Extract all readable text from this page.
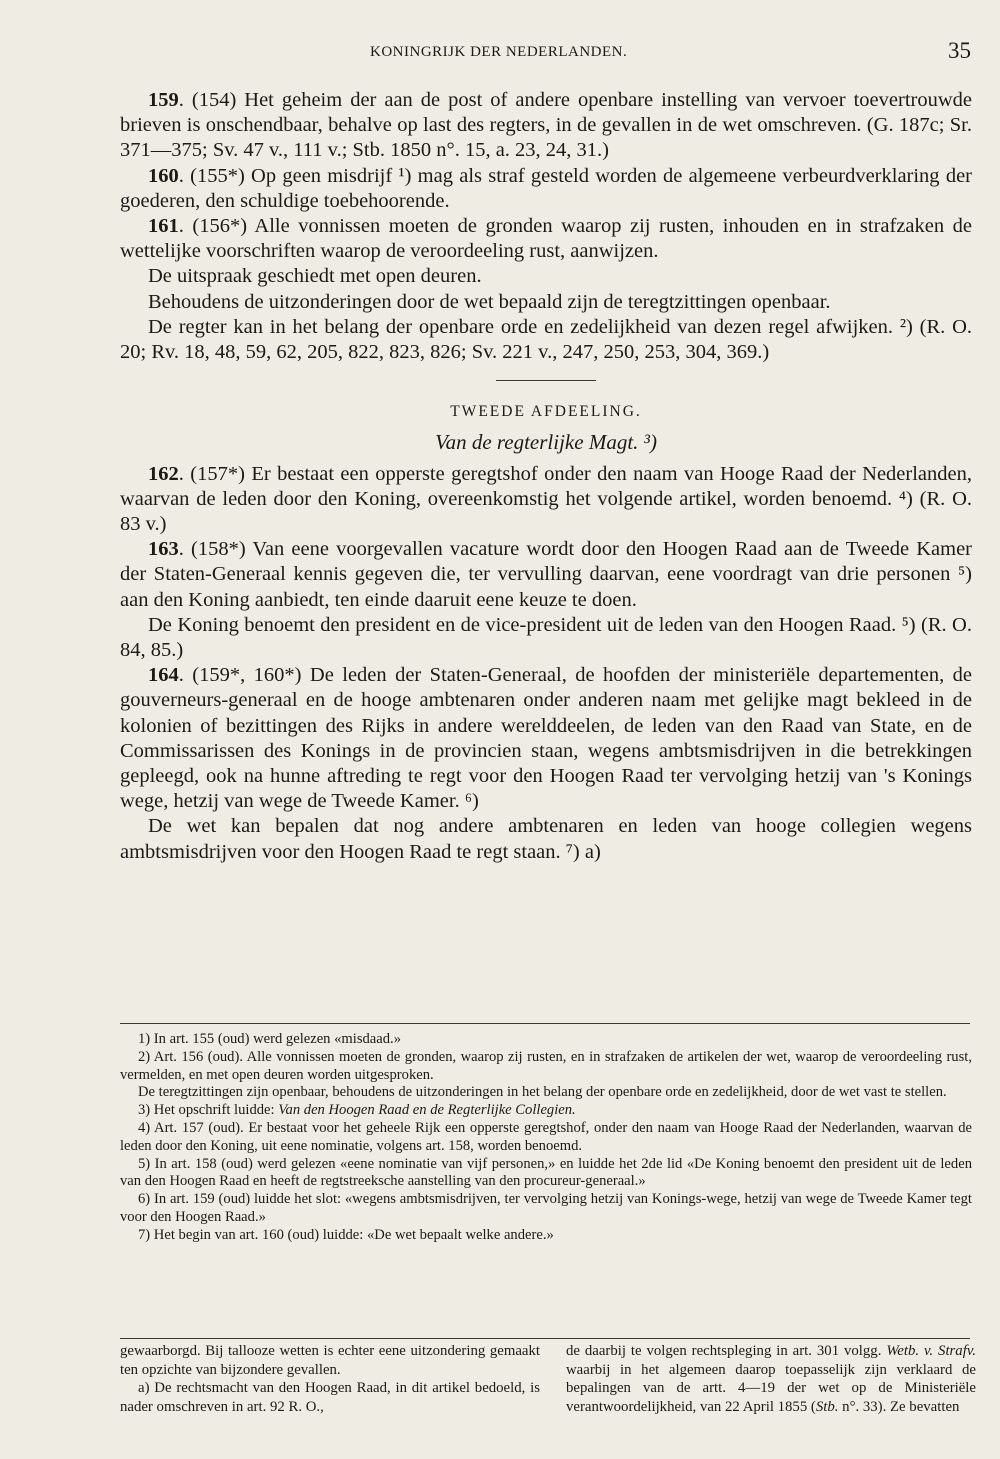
KONINGRIJK DER NEDERLANDEN.	35

159. (154) Het geheim der aan de post of andere openbare instelling van vervoer toevertrouwde brieven is onschendbaar, behalve op last des regters, in de gevallen in de wet omschreven. (G. 187c; Sr. 371—375; Sv. 47 v., 111 v.; Stb. 1850 n°. 15, a. 23, 24, 31.)

160. (155*) Op geen misdrijf ¹) mag als straf gesteld worden de algemeene verbeurdverklaring der goederen, den schuldige toebehoorende.

161. (156*) Alle vonnissen moeten de gronden waarop zij rusten, inhouden en in strafzaken de wettelijke voorschriften waarop de veroordeeling rust, aanwijzen.

De uitspraak geschiedt met open deuren.

Behoudens de uitzonderingen door de wet bepaald zijn de teregtzittingen openbaar.

De regter kan in het belang der openbare orde en zedelijkheid van dezen regel afwijken. ²) (R. O. 20; Rv. 18, 48, 59, 62, 205, 822, 823, 826; Sv. 221 v., 247, 250, 253, 304, 369.)

TWEEDE AFDEELING.
Van de regterlijke Magt. ³)

162. (157*) Er bestaat een opperste geregtshof onder den naam van Hooge Raad der Nederlanden, waarvan de leden door den Koning, overeenkomstig het volgende artikel, worden benoemd. ⁴) (R. O. 83 v.)

163. (158*) Van eene voorgevallen vacature wordt door den Hoogen Raad aan de Tweede Kamer der Staten-Generaal kennis gegeven die, ter vervulling daarvan, eene voordragt van drie personen ⁵) aan den Koning aanbiedt, ten einde daaruit eene keuze te doen.

De Koning benoemt den president en de vice-president uit de leden van den Hoogen Raad. ⁵) (R. O. 84, 85.)

164. (159*, 160*) De leden der Staten-Generaal, de hoofden der ministeriële departementen, de gouverneurs-generaal en de hooge ambtenaren onder anderen naam met gelijke magt bekleed in de kolonien of bezittingen des Rijks in andere werelddeelen, de leden van den Raad van State, en de Commissarissen des Konings in de provincien staan, wegens ambtsmisdrijven in die betrekkingen gepleegd, ook na hunne aftreding te regt voor den Hoogen Raad ter vervolging hetzij van 's Konings wege, hetzij van wege de Tweede Kamer. ⁶)

De wet kan bepalen dat nog andere ambtenaren en leden van hooge collegien wegens ambtsmisdrijven voor den Hoogen Raad te regt staan. ⁷) a)

1) In art. 155 (oud) werd gelezen «misdaad.»

2) Art. 156 (oud). Alle vonnissen moeten de gronden, waarop zij rusten, en in strafzaken de artikelen der wet, waarop de veroordeeling rust, vermelden, en met open deuren worden uitgesproken.

De teregtzittingen zijn openbaar, behoudens de uitzonderingen in het belang der openbare orde en zedelijkheid, door de wet vast te stellen.

3) Het opschrift luidde: Van den Hoogen Raad en de Regterlijke Collegien.

4) Art. 157 (oud). Er bestaat voor het geheele Rijk een opperste geregtshof, onder den naam van Hooge Raad der Nederlanden, waarvan de leden door den Koning, uit eene nominatie, volgens art. 158, worden benoemd.

5) In art. 158 (oud) werd gelezen «eene nominatie van vijf personen,» en luidde het 2de lid «De Koning benoemt den president uit de leden van den Hoogen Raad en heeft de regtstreeksche aanstelling van den procureur-generaal.»

6) In art. 159 (oud) luidde het slot: «wegens ambtsmisdrijven, ter vervolging hetzij van Konings-wege, hetzij van wege de Tweede Kamer tegt voor den Hoogen Raad.»

7) Het begin van art. 160 (oud) luidde: «De wet bepaalt welke andere.»

gewaarborgd. Bij tallooze wetten is echter eene uitzondering gemaakt ten opzichte van bijzondere gevallen.

a) De rechtsmacht van den Hoogen Raad, in dit artikel bedoeld, is nader omschreven in art. 92 R. O.,

de daarbij te volgen rechtspleging in art. 301 volgg. Wetb. v. Strafv. waarbij in het algemeen daarop toepasselijk zijn verklaard de bepalingen van de artt. 4—19 der wet op de Ministeriële verantwoordelijkheid, van 22 April 1855 (Stb. n°. 33). Ze bevatten
